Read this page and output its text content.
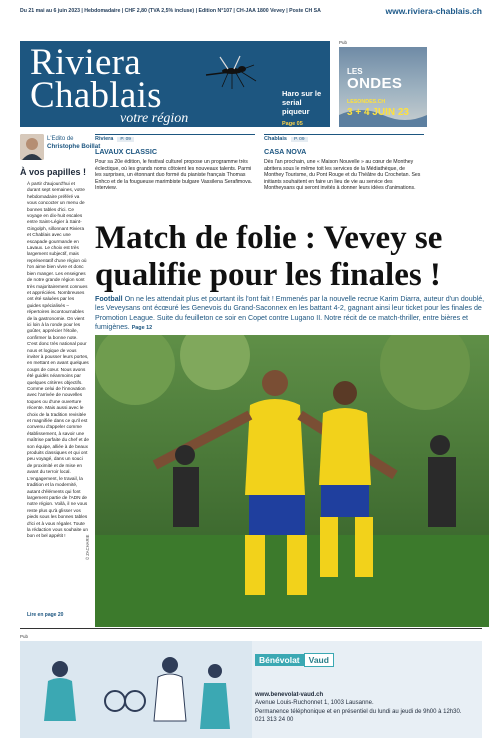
Du 21 mai au 6 juin 2023 | Hebdomadaire | CHF 2,80 (TVA 2,5% incluse) | Edition N°107 | CH-JAA 1800 Vevey | Poste CH SA	www.riviera-chablais.ch
Riviera
Chablais
votre région
Haro sur le serial piqueur
Page 05
Pub
LES
ONDES
LESONDES.CH
3 + 4 JUIN 23
L'Edito de
Christophe Boillat
À vos papilles !
À partir d'aujourd'hui et durant sept semaines, votre hebdomadaire préféré va vous concocter un menu de bonnes tables d'ici. Ce voyage en dix-huit escales entre Saint-Légier à Saint-Gingolph, sillonnant Riviera et Chablais avec une escapade gourmande en Lavaux. Le choix est très largement subjectif, mais représentatif d'une région où l'on aime bien vivre et donc bien manger. Les enseignes de notre grande région sont très majoritairement connues et appréciées. Nombreuses ont été saluées par les guides spécialisés – répertoires incontournables de la gastronomie. On vient ici loin à la ronde pour les goûter, apprécier l'étoile, confirmer la bonne note. C'est donc très national pour nous et logique de vous inviter à pousser leurs portes, en mettant en avant quelques coups de cœur. Nous avons été guidés néanmoins par quelques critères objectifs. Comme celui de l'innovation avec l'arrivée de nouvelles toques ou d'une ouverture récente. Mais aussi avec le choix de la tradition revisitée et magnifiée dans ce qu'il est convenu d'appeler comme établissement, à savoir une maîtrise parfaite du chef et de son équipe, alliée à de beaux produits classiques et qui ont peu voyagé, dans un souci de proximité et de mise en avant du terroir local. L'engagement, le travail, la tradition et la modernité, autant d'éléments qui font largement partie de l'ADN de notre région. Voilà, il ne vous reste plus qu'à glisser vos pieds sous les bonnes tables d'ici et à vous régaler. Toute la rédaction vous souhaite un bon et bel appétit !
Lire en page 20
Riviera	P. 09
LAVAUX CLASSIC
Pour sa 20e édition, le festival culturel propose un programme très éclectique, où les grands noms côtoient les nouveaux talents. Parmi les surprises, un étonnant duo formé du pianiste français Thomas Enhco et de la fougueuse marimbiste bulgare Vassilena Serafimova. Interview.
Chablais	P. 09
CASA NOVA
Dès l'an prochain, une « Maison Nouvelle » au cœur de Monthey abritera sous le même toit les services de la Médiathèque, de Monthey Tourisme, du Pont Rouge et du Théâtre du Crochetan. Ses initiants souhaitent en faire un lieu de vie au service des Montheysans qui seront invités à donner leurs idées d'animations.
Match de folie : Vevey se qualifie pour les finales !
Football On ne les attendait plus et pourtant ils l'ont fait ! Emmenés par la nouvelle recrue Karim Diarra, auteur d'un doublé, les Veveysans ont écœuré les Genevois du Grand-Saconnex en les battant 4-2, gagnant ainsi leur ticket pour les finales de Promotion League. Suite du feuilleton ce soir en Copet contre Lugano II. Notre récit de ce match-thriller, entre bières et fumigènes. Page 12
© ZACHARIE
Pub
Bénévolat	Vaud
www.benevolat-vaud.ch
Avenue Louis-Ruchonnet 1, 1003 Lausanne.
Permanence téléphonique et en présentiel du lundi au jeudi de 9h00 à 12h30.
021 313 24 00
